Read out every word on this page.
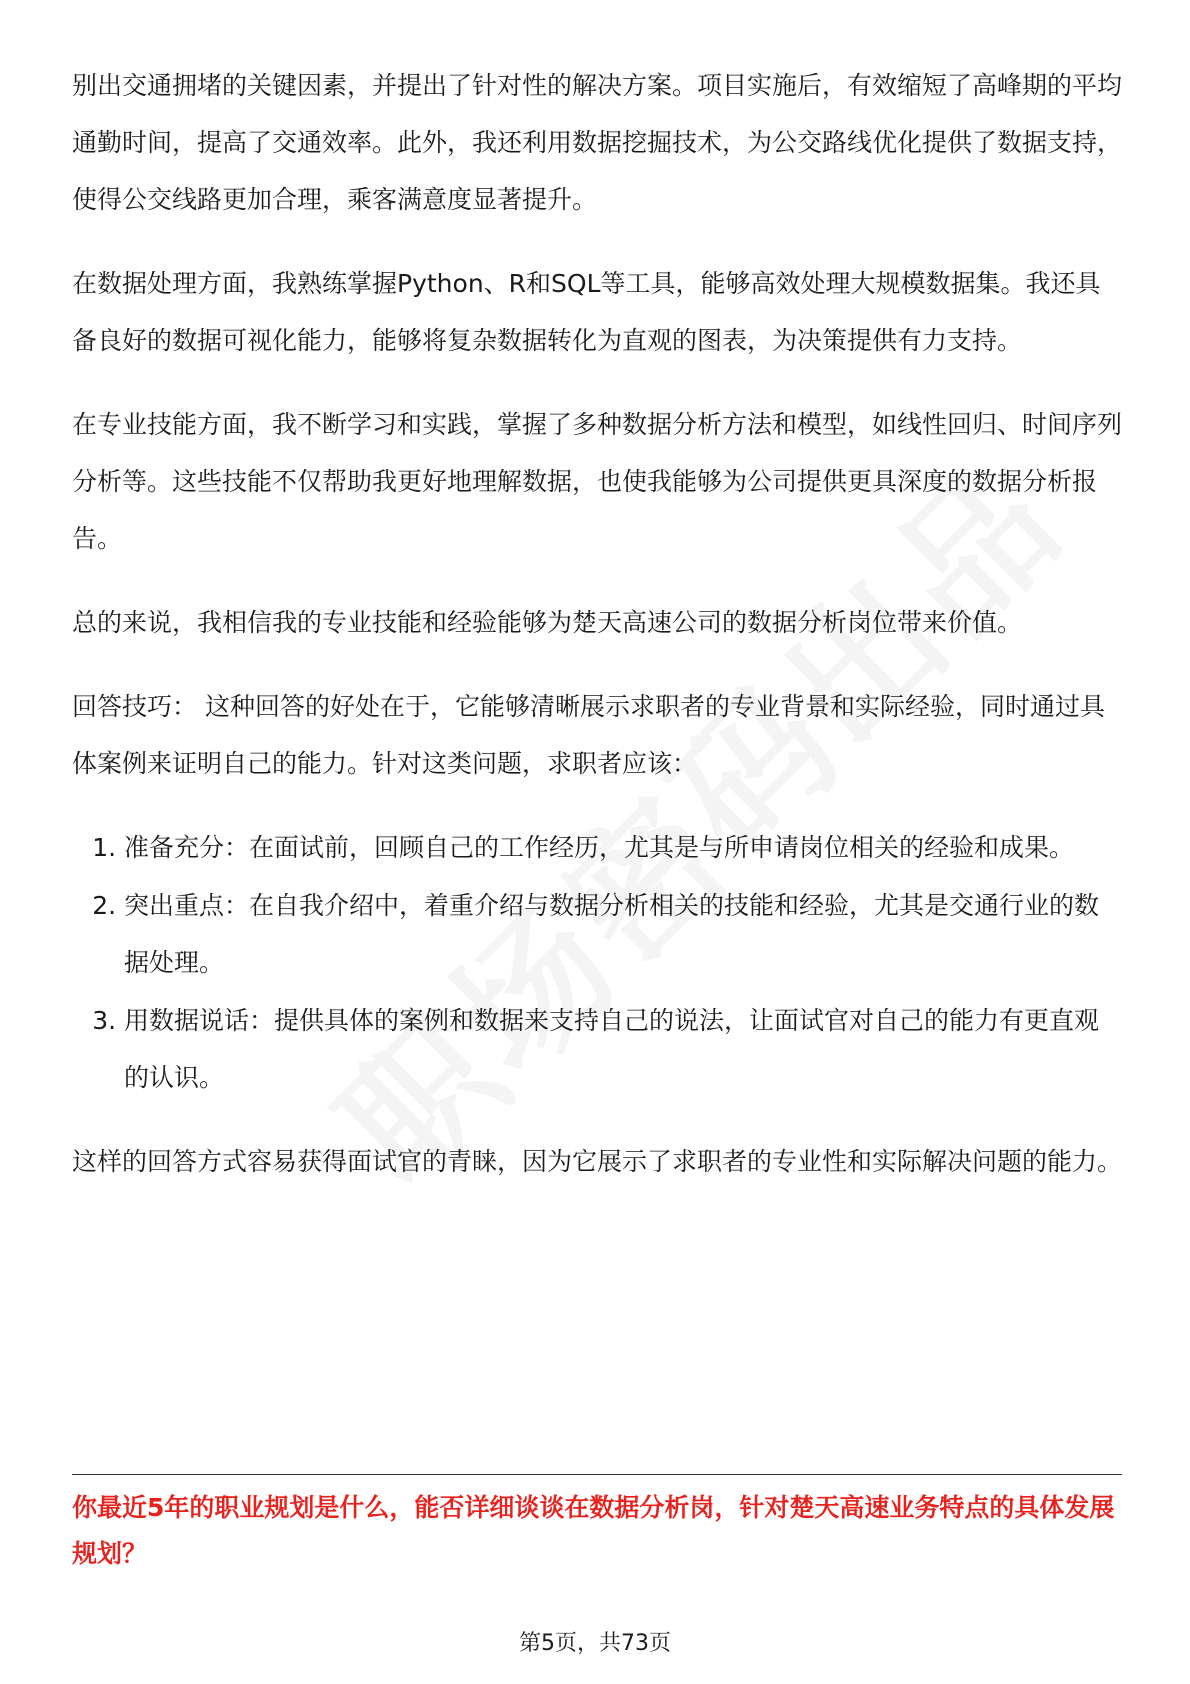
别出交通拥堵的关键因素，并提出了针对性的解决方案。项目实施后，有效缩短了高峰期的平均通勤时间，提高了交通效率。此外，我还利用数据挖掘技术，为公交路线优化提供了数据支持，使得公交线路更加合理，乘客满意度显著提升。

在数据处理方面，我熟练掌握Python、R和SQL等工具，能够高效处理大规模数据集。我还具备良好的数据可视化能力，能够将复杂数据转化为直观的图表，为决策提供有力支持。

在专业技能方面，我不断学习和实践，掌握了多种数据分析方法和模型，如线性回归、时间序列分析等。这些技能不仅帮助我更好地理解数据，也使我能够为公司提供更具深度的数据分析报告。

总的来说，我相信我的专业技能和经验能够为楚天高速公司的数据分析岗位带来价值。

回答技巧： 这种回答的好处在于，它能够清晰展示求职者的专业背景和实际经验，同时通过具体案例来证明自己的能力。针对这类问题，求职者应该：

1. 准备充分：在面试前，回顾自己的工作经历，尤其是与所申请岗位相关的经验和成果。
2. 突出重点：在自我介绍中，着重介绍与数据分析相关的技能和经验，尤其是交通行业的数据处理。
3. 用数据说话：提供具体的案例和数据来支持自己的说法，让面试官对自己的能力有更直观的认识。

这样的回答方式容易获得面试官的青睐，因为它展示了求职者的专业性和实际解决问题的能力。

你最近5年的职业规划是什么，能否详细谈谈在数据分析岗，针对楚天高速业务特点的具体发展规划？
第5页，共73页
